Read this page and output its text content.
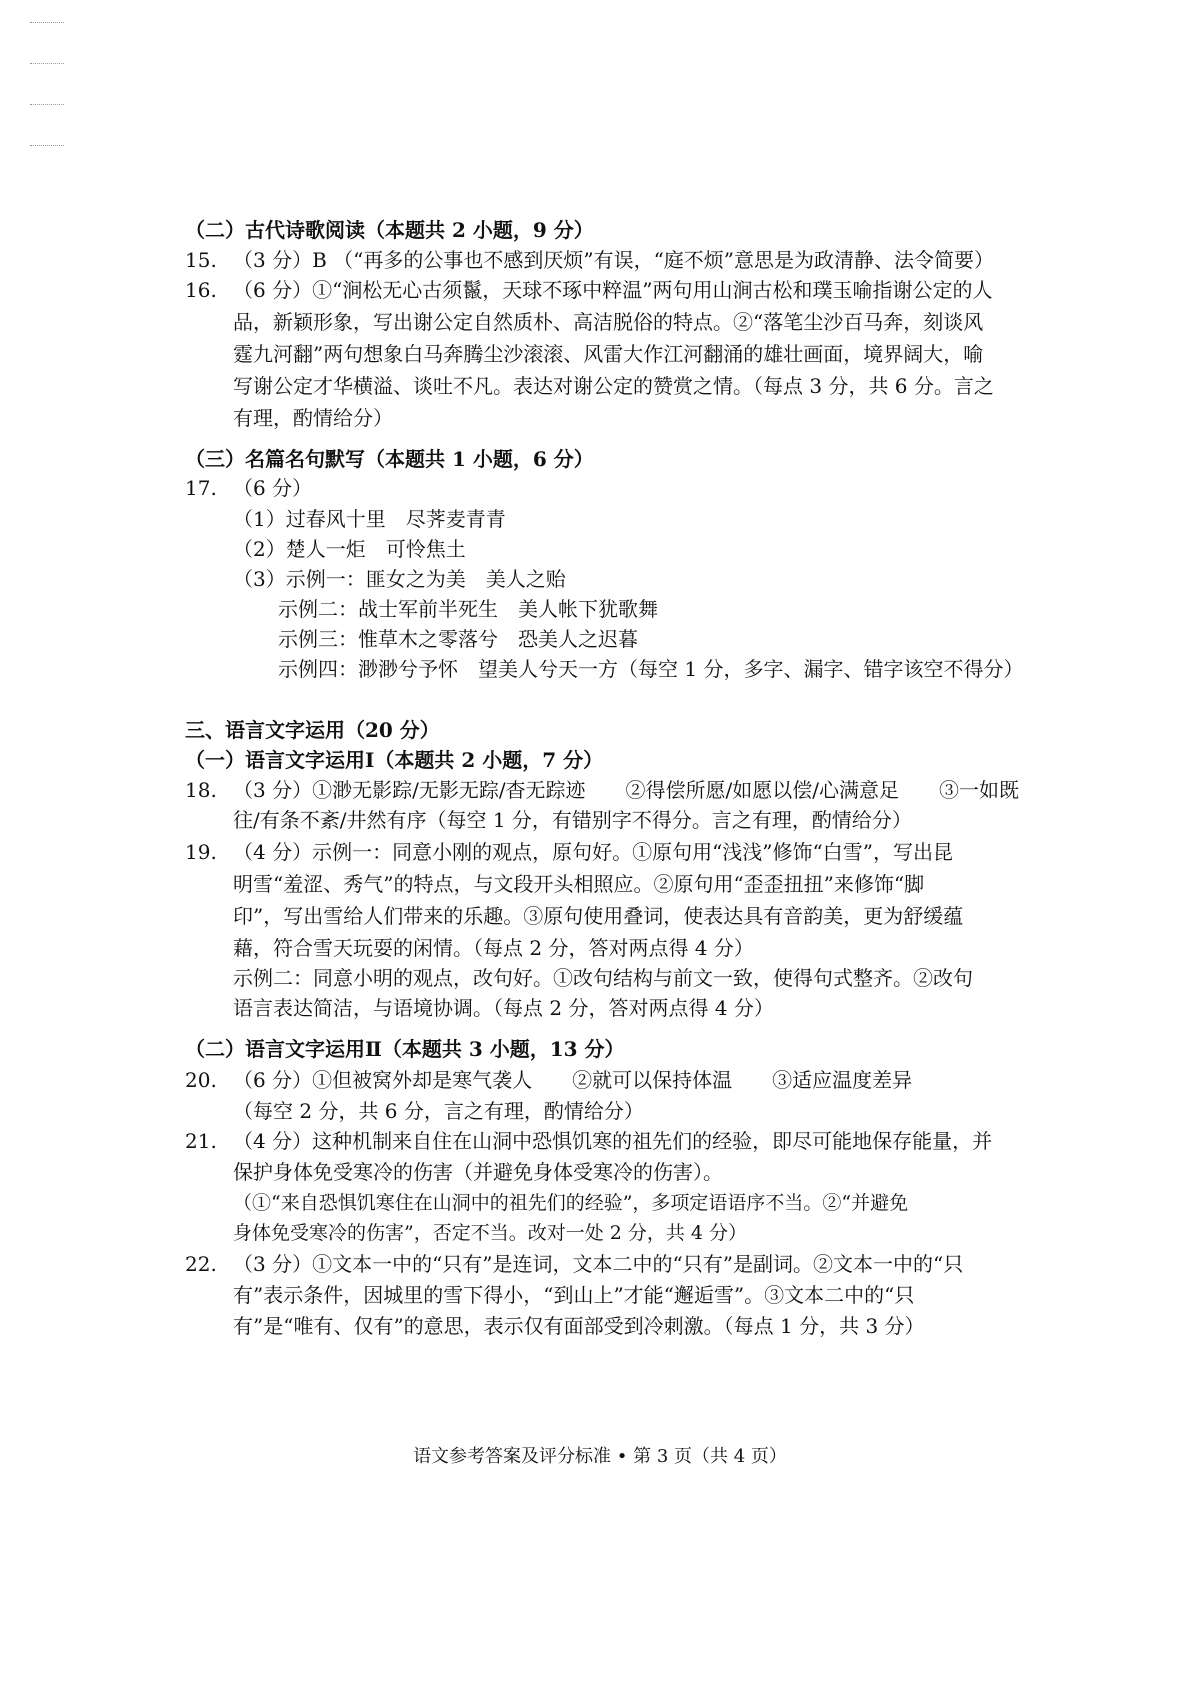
（二）古代诗歌阅读（本题共 2 小题，9 分）
15. （3 分）B （“再多的公事也不感到厌烦”有误，“庭不烦”意思是为政清静、法令简要）
16. （6 分）①“涧松无心古须鬣，天球不琢中粹温”两句用山涧古松和璞玉喻指谢公定的人
品，新颖形象，写出谢公定自然质朴、高洁脱俗的特点。②“落笔尘沙百马奔，刻谈风
霆九河翻”两句想象白马奔腾尘沙滚滚、风雷大作江河翻涌的雄壮画面，境界阔大，喻
写谢公定才华横溢、谈吐不凡。表达对谢公定的赞赏之情。（每点 3 分，共 6 分。言之
有理，酌情给分）
（三）名篇名句默写（本题共 1 小题，6 分）
17. （6 分）
（1）过春风十里　尽荠麦青青
（2）楚人一炬　可怜焦土
（3）示例一：匪女之为美　美人之贻
示例二：战士军前半死生　美人帐下犹歌舞
示例三：惟草木之零落兮　恐美人之迟暮
示例四：渺渺兮予怀　望美人兮天一方（每空 1 分，多字、漏字、错字该空不得分）
三、语言文字运用（20 分）
（一）语言文字运用Ⅰ（本题共 2 小题，7 分）
18. （3 分）①渺无影踪/无影无踪/杳无踪迹　　②得偿所愿/如愿以偿/心满意足　　③一如既
往/有条不紊/井然有序（每空 1 分，有错别字不得分。言之有理，酌情给分）
19. （4 分）示例一：同意小刚的观点，原句好。①原句用“浅浅”修饰“白雪”，写出昆
明雪“羞涩、秀气”的特点，与文段开头相照应。②原句用“歪歪扭扭”来修饰“脚
印”，写出雪给人们带来的乐趣。③原句使用叠词，使表达具有音韵美，更为舒缓蕴
藉，符合雪天玩耍的闲情。（每点 2 分，答对两点得 4 分）
示例二：同意小明的观点，改句好。①改句结构与前文一致，使得句式整齐。②改句
语言表达简洁，与语境协调。（每点 2 分，答对两点得 4 分）
（二）语言文字运用Ⅱ（本题共 3 小题，13 分）
20. （6 分）①但被窝外却是寒气袭人　　②就可以保持体温　　③适应温度差异
（每空 2 分，共 6 分，言之有理，酌情给分）
21. （4 分）这种机制来自住在山洞中恐惧饥寒的祖先们的经验，即尽可能地保存能量，并
保护身体免受寒冷的伤害（并避免身体受寒冷的伤害）。
（①“来自恐惧饥寒住在山洞中的祖先们的经验”，多项定语语序不当。②“并避免
身体免受寒冷的伤害”，否定不当。改对一处 2 分，共 4 分）
22. （3 分）①文本一中的“只有”是连词，文本二中的“只有”是副词。②文本一中的“只
有”表示条件，因城里的雪下得小，“到山上”才能“邂逅雪”。③文本二中的“只
有”是“唯有、仅有”的意思，表示仅有面部受到冷刺激。（每点 1 分，共 3 分）
语文参考答案及评分标准 • 第 3 页（共 4 页）
